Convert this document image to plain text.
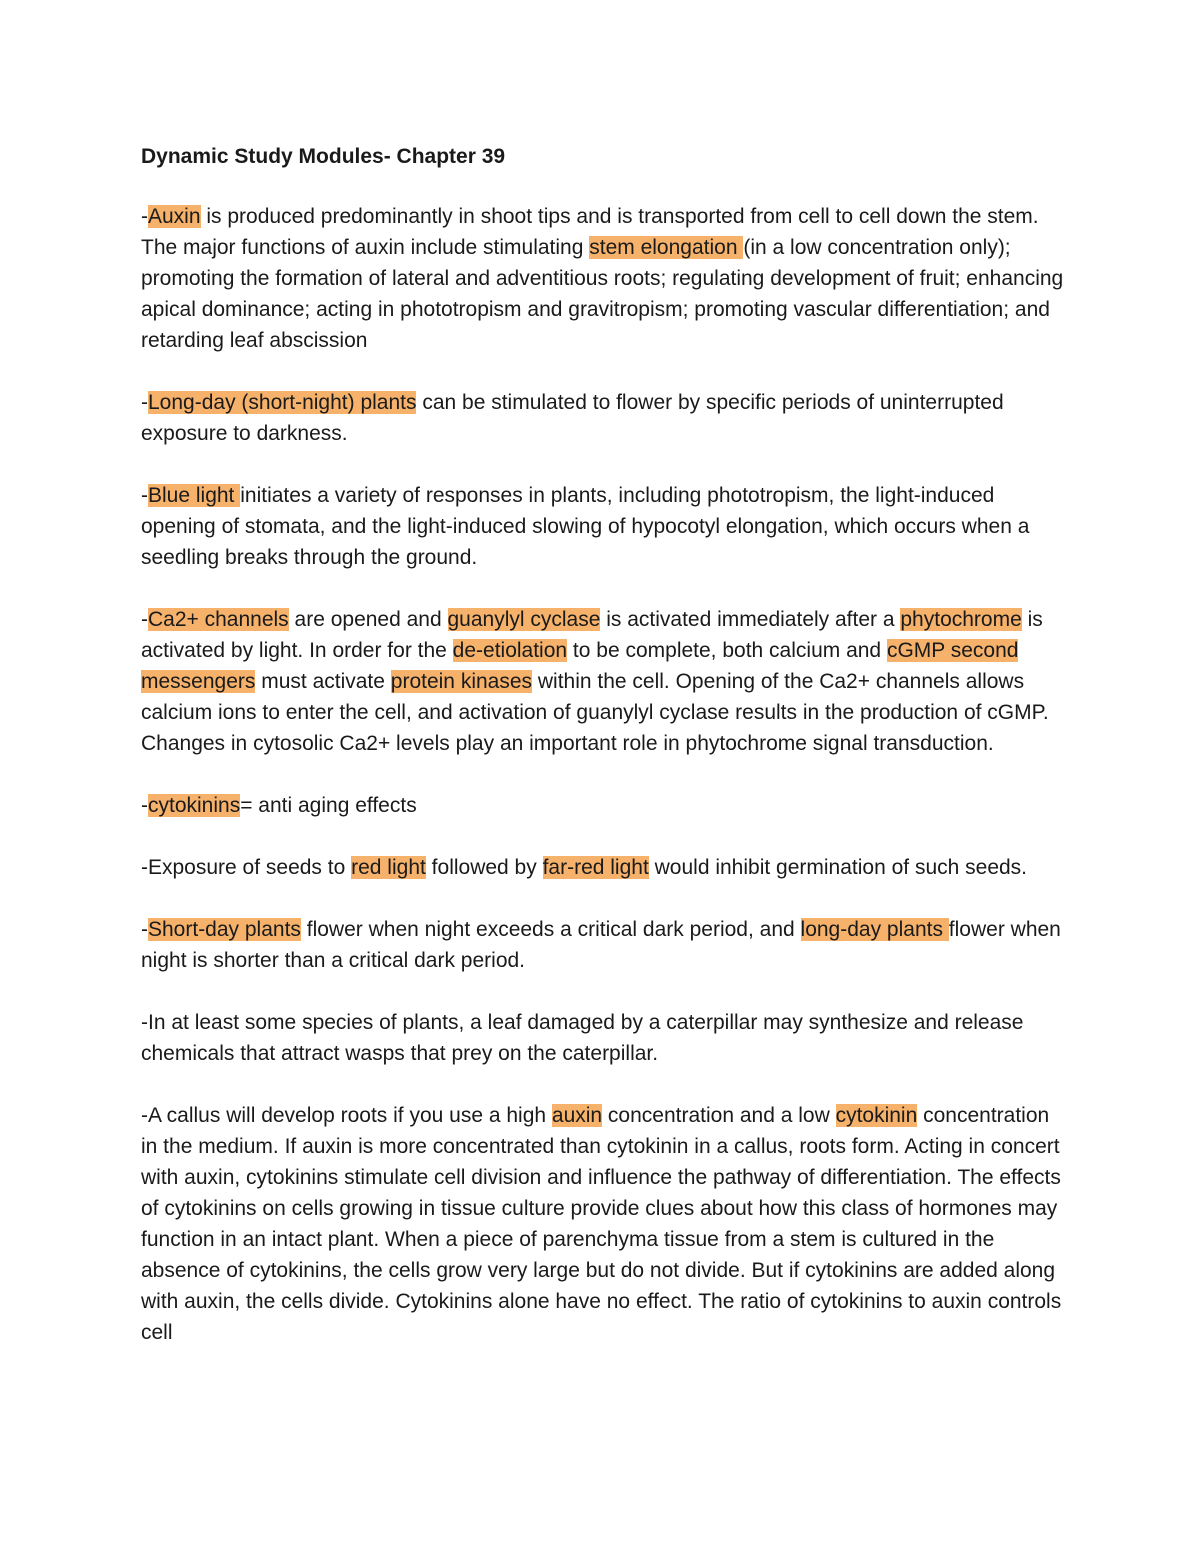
Dynamic Study Modules- Chapter 39

-Auxin is produced predominantly in shoot tips and is transported from cell to cell down the stem. The major functions of auxin include stimulating stem elongation (in a low concentration only); promoting the formation of lateral and adventitious roots; regulating development of fruit; enhancing apical dominance; acting in phototropism and gravitropism; promoting vascular differentiation; and retarding leaf abscission

-Long-day (short-night) plants can be stimulated to flower by specific periods of uninterrupted exposure to darkness.

-Blue light initiates a variety of responses in plants, including phototropism, the light-induced opening of stomata, and the light-induced slowing of hypocotyl elongation, which occurs when a seedling breaks through the ground.

-Ca2+ channels are opened and guanylyl cyclase is activated immediately after a phytochrome is activated by light. In order for the de-etiolation to be complete, both calcium and cGMP second messengers must activate protein kinases within the cell. Opening of the Ca2+ channels allows calcium ions to enter the cell, and activation of guanylyl cyclase results in the production of cGMP. Changes in cytosolic Ca2+ levels play an important role in phytochrome signal transduction.

-cytokinins= anti aging effects

-Exposure of seeds to red light followed by far-red light would inhibit germination of such seeds.

-Short-day plants flower when night exceeds a critical dark period, and long-day plants flower when night is shorter than a critical dark period.

-In at least some species of plants, a leaf damaged by a caterpillar may synthesize and release chemicals that attract wasps that prey on the caterpillar.

-A callus will develop roots if you use a high auxin concentration and a low cytokinin concentration in the medium. If auxin is more concentrated than cytokinin in a callus, roots form. Acting in concert with auxin, cytokinins stimulate cell division and influence the pathway of differentiation. The effects of cytokinins on cells growing in tissue culture provide clues about how this class of hormones may function in an intact plant. When a piece of parenchyma tissue from a stem is cultured in the absence of cytokinins, the cells grow very large but do not divide. But if cytokinins are added along with auxin, the cells divide. Cytokinins alone have no effect. The ratio of cytokinins to auxin controls cell
